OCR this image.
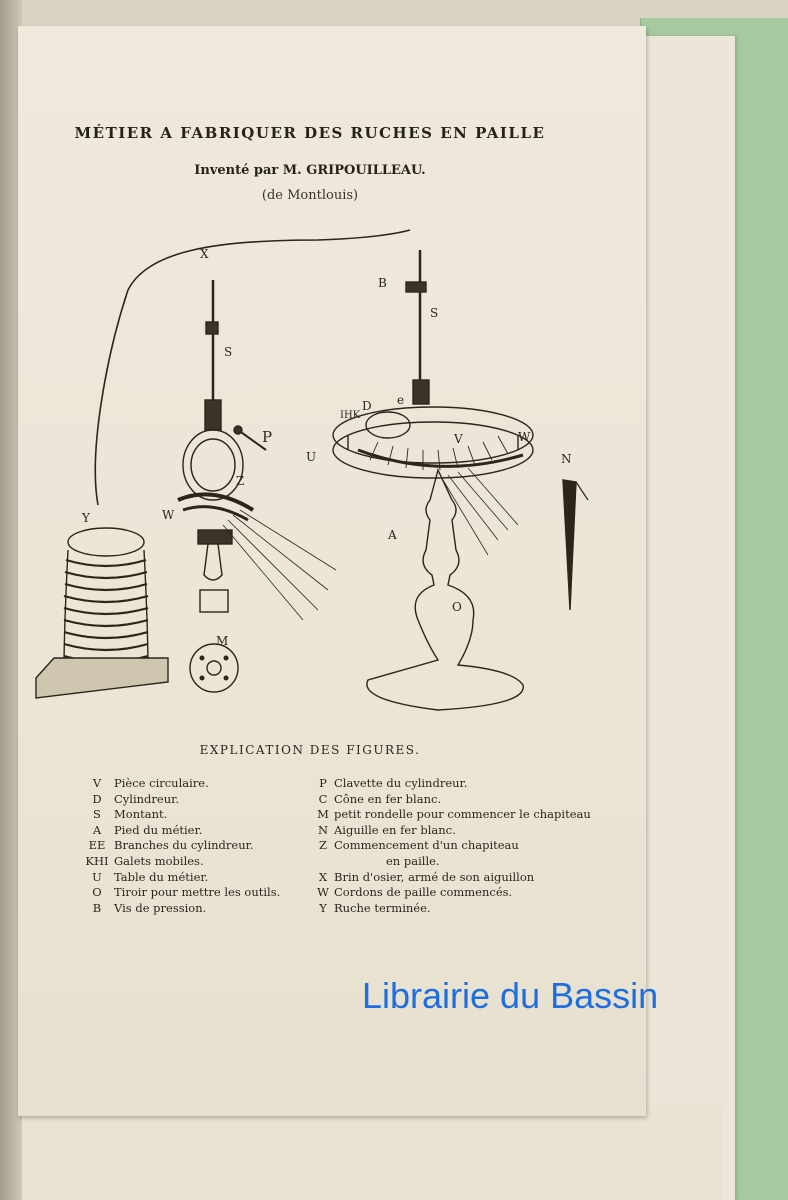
MÉTIER A FABRIQUER DES RUCHES EN PAILLE
Inventé par M. GRIPOUILLEAU.
(de Montlouis)
X
Y
S
P
Z
W
M
B
S
D e
IHK
U
V	W
A
O
N
EXPLICATION DES FIGURES.
V	Pièce circulaire.
D	Cylindreur.
S	Montant.
A	Pied du métier.
EE Branches du cylindreur.
KHI Galets mobiles.
U	Table du métier.
O	Tiroir pour mettre les outils.
B	Vis de pression.
P Clavette du cylindreur.
C Cône en fer blanc.
M petit rondelle pour commencer le chapiteau
N Aiguille en fer blanc.
Z Commencement d'un chapiteau
en paille.
X Brin d'osier, armé de son aiguillon
W Cordons de paille commencés.
Y Ruche terminée.
Librairie du Bassin
